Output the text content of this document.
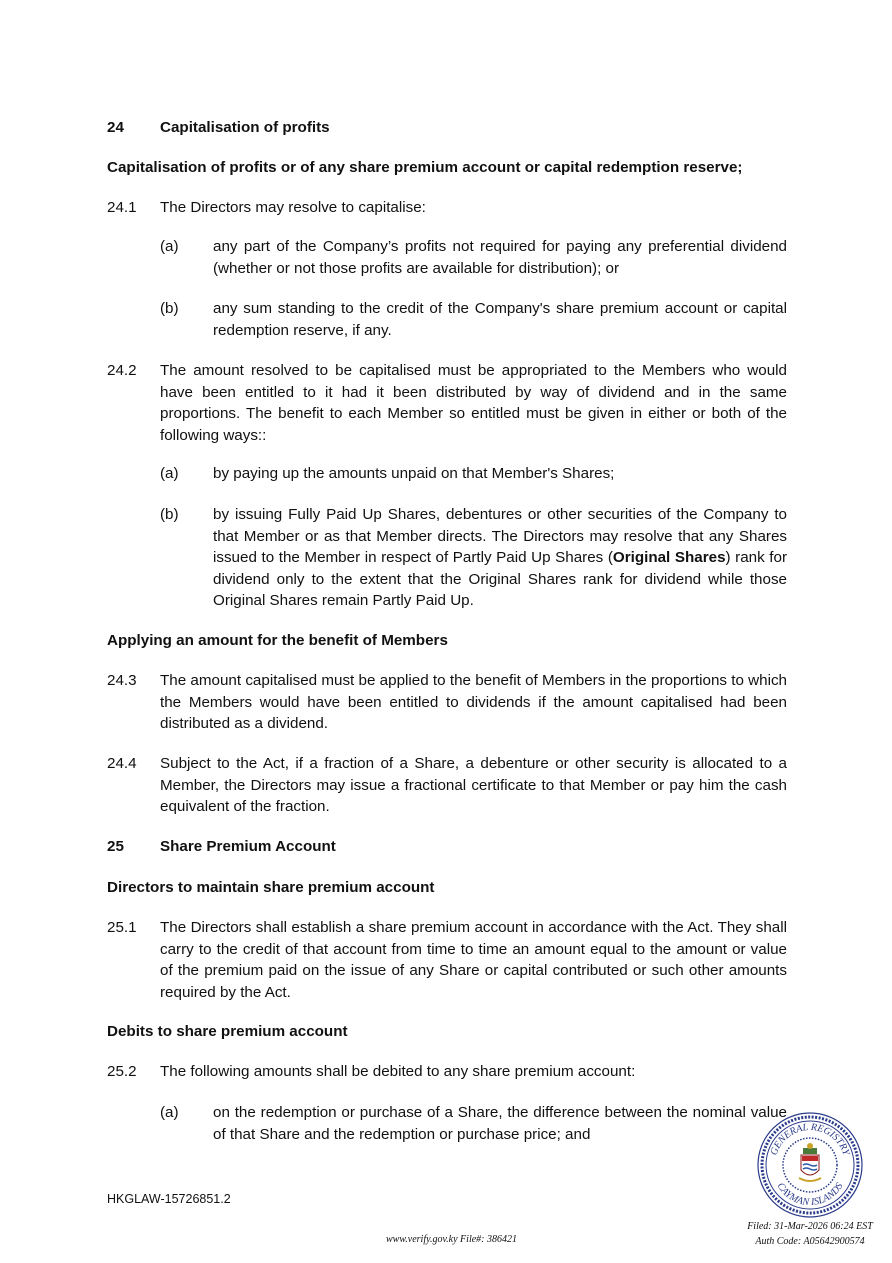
24 Capitalisation of profits
Capitalisation of profits or of any share premium account or capital redemption reserve;
24.1	The Directors may resolve to capitalise:
(a)	any part of the Company’s profits not required for paying any preferential dividend (whether or not those profits are available for distribution); or
(b)	any sum standing to the credit of the Company's share premium account or capital redemption reserve, if any.
24.2	The amount resolved to be capitalised must be appropriated to the Members who would have been entitled to it had it been distributed by way of dividend and in the same proportions. The benefit to each Member so entitled must be given in either or both of the following ways::
(a)	by paying up the amounts unpaid on that Member's Shares;
(b)	by issuing Fully Paid Up Shares, debentures or other securities of the Company to that Member or as that Member directs. The Directors may resolve that any Shares issued to the Member in respect of Partly Paid Up Shares (Original Shares) rank for dividend only to the extent that the Original Shares rank for dividend while those Original Shares remain Partly Paid Up.
Applying an amount for the benefit of Members
24.3	The amount capitalised must be applied to the benefit of Members in the proportions to which the Members would have been entitled to dividends if the amount capitalised had been distributed as a dividend.
24.4	Subject to the Act, if a fraction of a Share, a debenture or other security is allocated to a Member, the Directors may issue a fractional certificate to that Member or pay him the cash equivalent of the fraction.
25 Share Premium Account
Directors to maintain share premium account
25.1	The Directors shall establish a share premium account in accordance with the Act. They shall carry to the credit of that account from time to time an amount equal to the amount or value of the premium paid on the issue of any Share or capital contributed or such other amounts required by the Act.
Debits to share premium account
25.2	The following amounts shall be debited to any share premium account:
(a)	on the redemption or purchase of a Share, the difference between the nominal value of that Share and the redemption or purchase price; and
HKGLAW-15726851.2
www.verify.gov.ky File#: 386421
GENERAL REGISTRY
CAYMAN ISLANDS
Filed: 31-Mar-2026 06:24 EST
Auth Code: A05642900574
